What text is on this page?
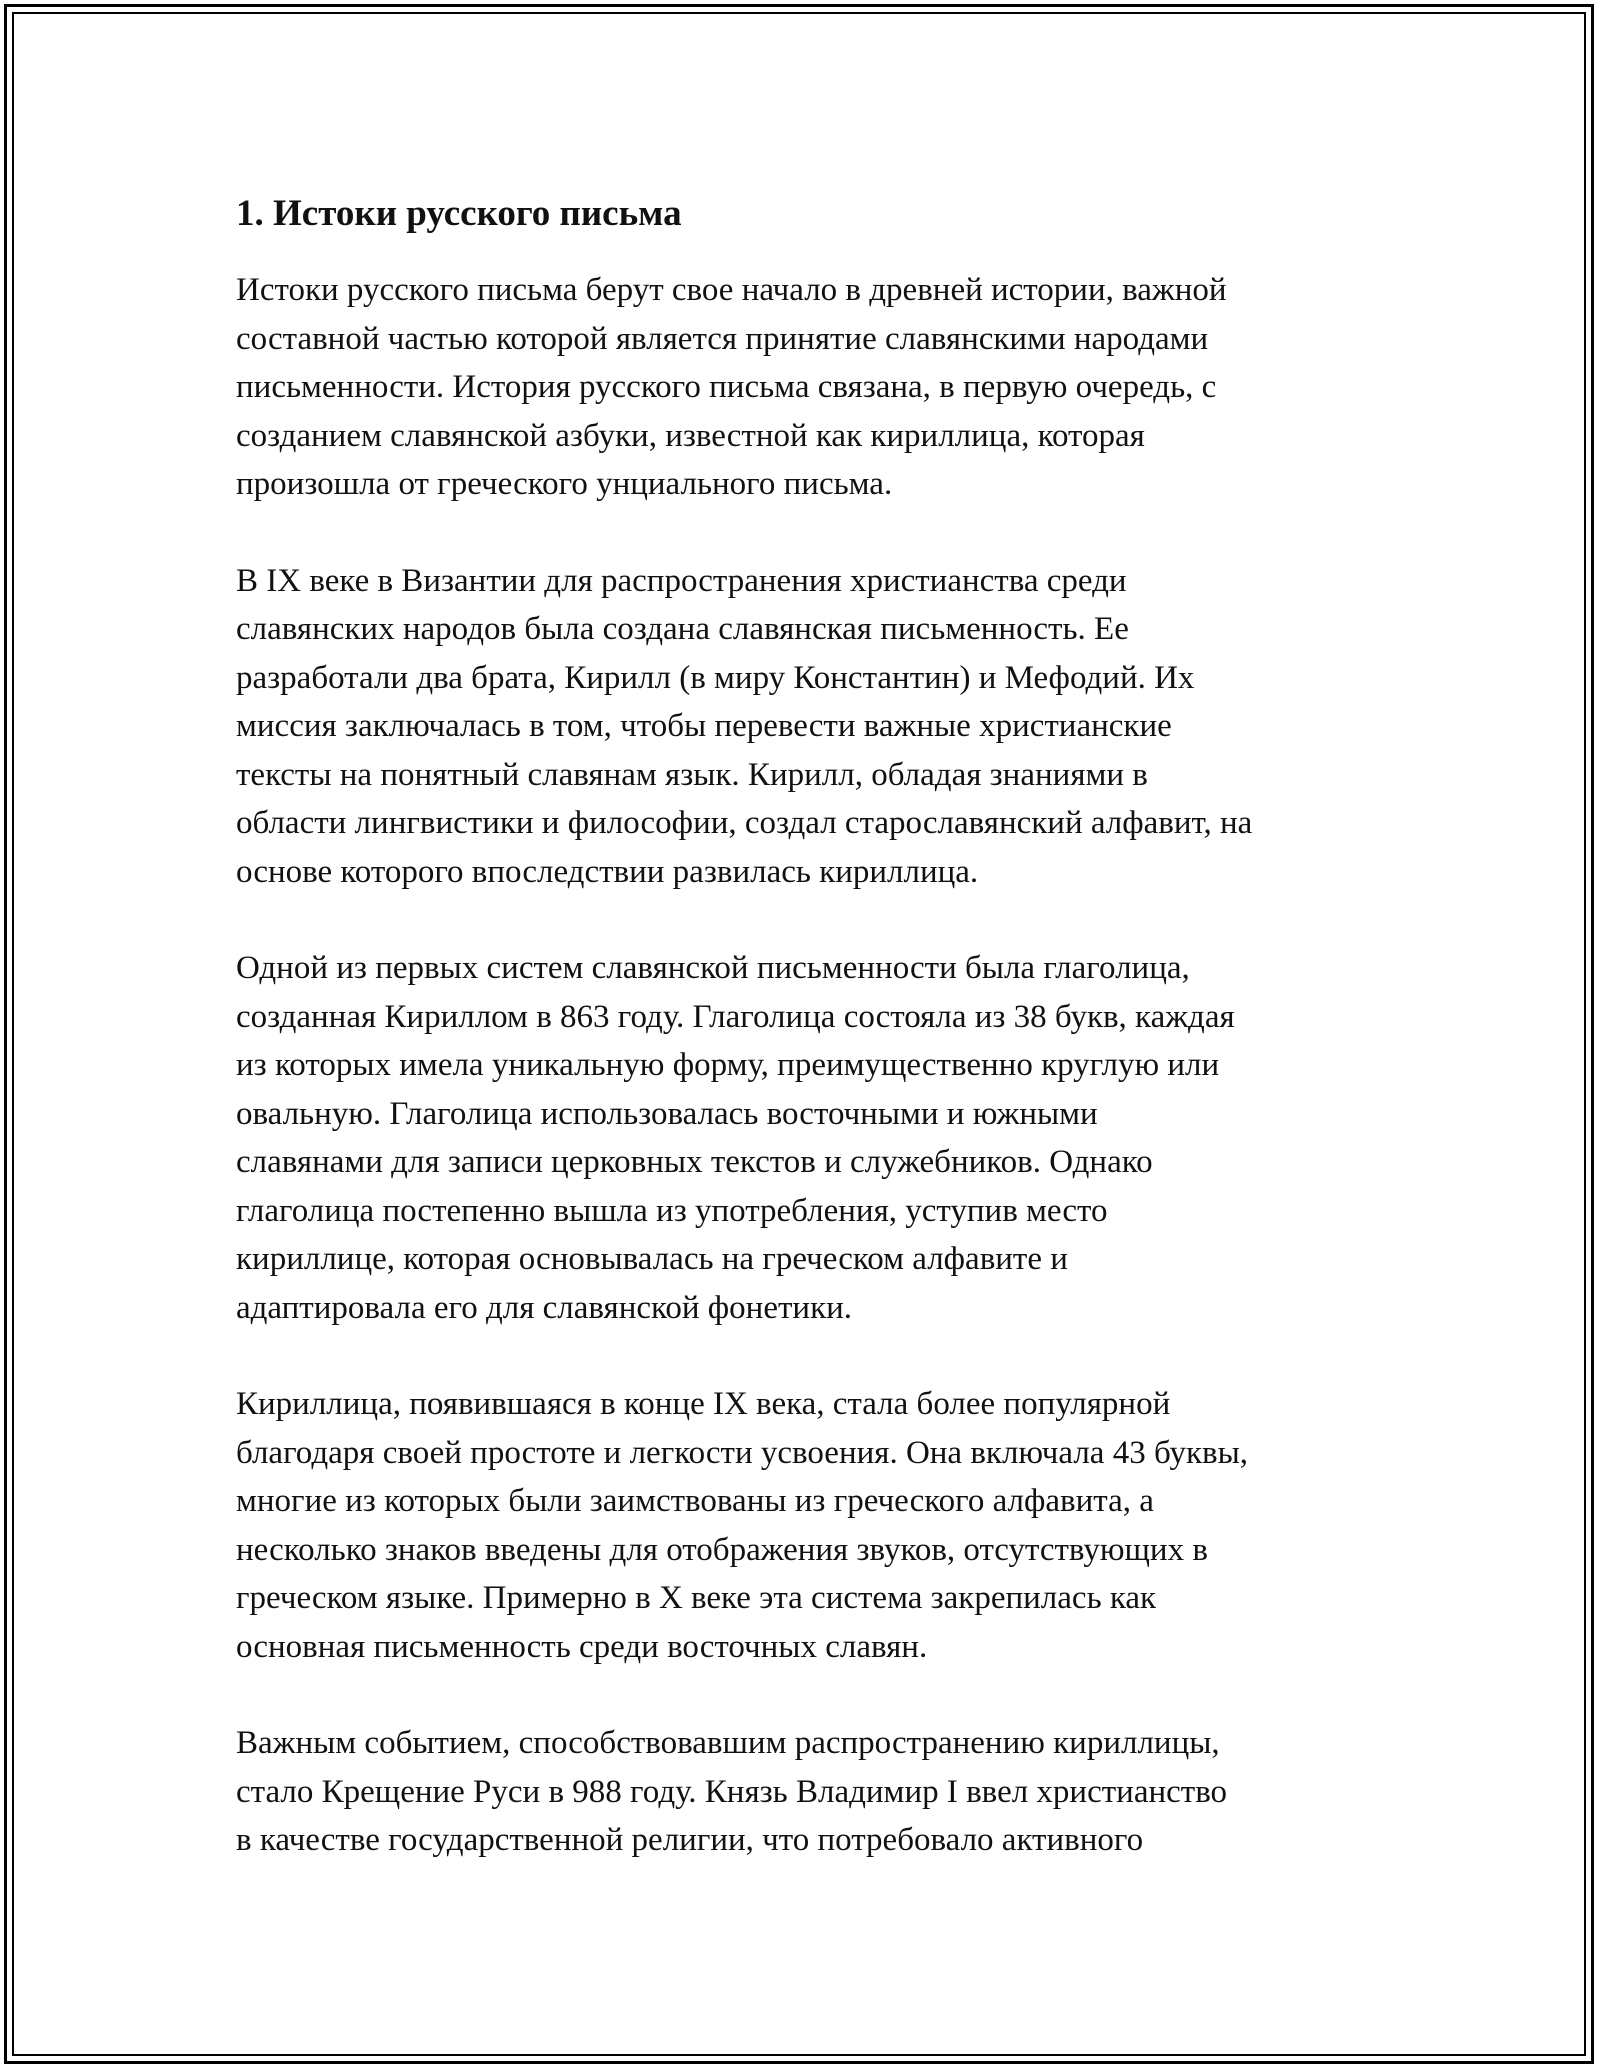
1. Истоки русского письма

Истоки русского письма берут свое начало в древней истории, важной
составной частью которой является принятие славянскими народами
письменности. История русского письма связана, в первую очередь, с
созданием славянской азбуки, известной как кириллица, которая
произошла от греческого унциального письма.

В IX веке в Византии для распространения христианства среди
славянских народов была создана славянская письменность. Ее
разработали два брата, Кирилл (в миру Константин) и Мефодий. Их
миссия заключалась в том, чтобы перевести важные христианские
тексты на понятный славянам язык. Кирилл, обладая знаниями в
области лингвистики и философии, создал старославянский алфавит, на
основе которого впоследствии развилась кириллица.

Одной из первых систем славянской письменности была глаголица,
созданная Кириллом в 863 году. Глаголица состояла из 38 букв, каждая
из которых имела уникальную форму, преимущественно круглую или
овальную. Глаголица использовалась восточными и южными
славянами для записи церковных текстов и служебников. Однако
глаголица постепенно вышла из употребления, уступив место
кириллице, которая основывалась на греческом алфавите и
адаптировала его для славянской фонетики.

Кириллица, появившаяся в конце IX века, стала более популярной
благодаря своей простоте и легкости усвоения. Она включала 43 буквы,
многие из которых были заимствованы из греческого алфавита, а
несколько знаков введены для отображения звуков, отсутствующих в
греческом языке. Примерно в X веке эта система закрепилась как
основная письменность среди восточных славян.

Важным событием, способствовавшим распространению кириллицы,
стало Крещение Руси в 988 году. Князь Владимир I ввел христианство
в качестве государственной религии, что потребовало активного
